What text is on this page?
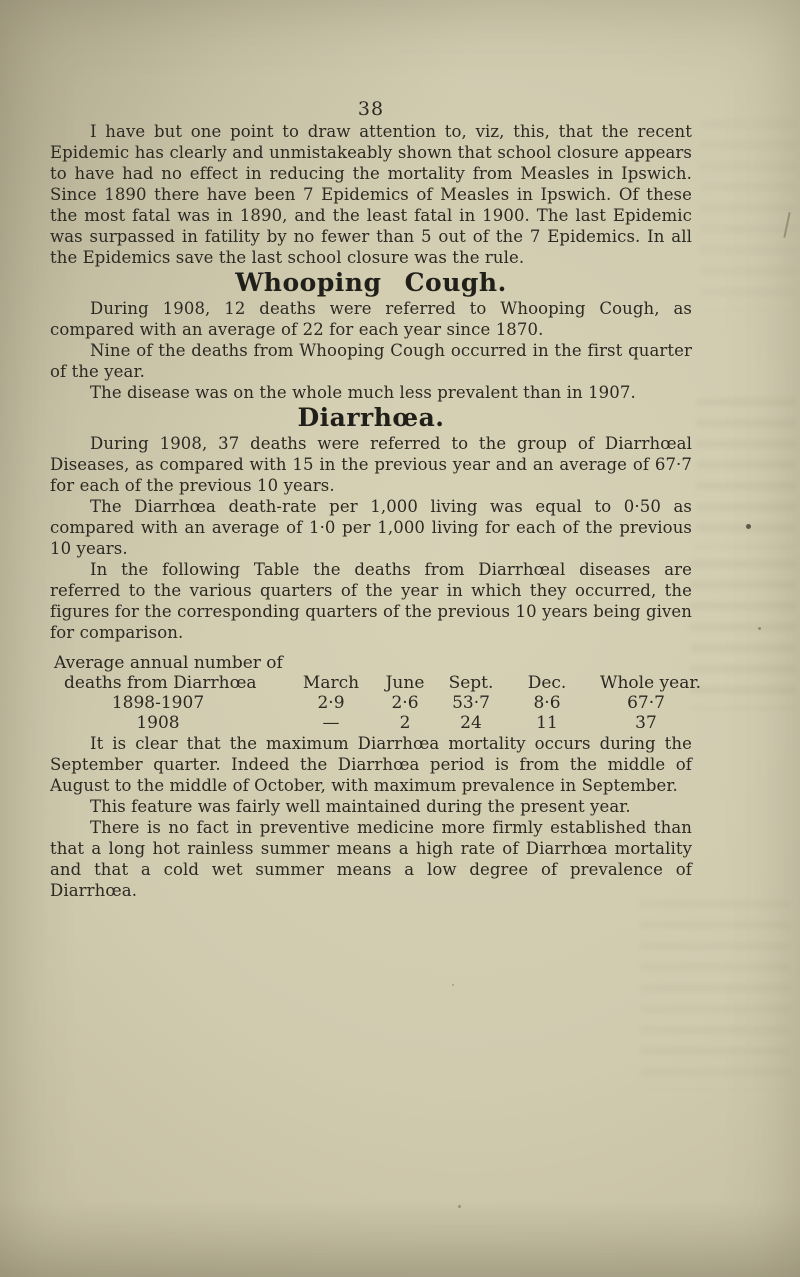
38

I have but one point to draw attention to, viz, this, that the recent Epidemic has clearly and unmistakeably shown that school closure appears to have had no effect in reducing the mortality from Measles in Ipswich. Since 1890 there have been 7 Epidemics of Measles in Ipswich. Of these the most fatal was in 1890, and the least fatal in 1900. The last Epidemic was surpassed in fatility by no fewer than 5 out of the 7 Epidemics. In all the Epidemics save the last school closure was the rule.

Whooping Cough.

During 1908, 12 deaths were referred to Whooping Cough, as compared with an average of 22 for each year since 1870.

Nine of the deaths from Whooping Cough occurred in the first quarter of the year.

The disease was on the whole much less prevalent than in 1907.

Diarrhœa.

During 1908, 37 deaths were referred to the group of Diarrhœal Diseases, as compared with 15 in the previous year and an average of 67·7 for each of the previous 10 years.

The Diarrhœa death-rate per 1,000 living was equal to 0·50 as compared with an average of 1·0 per 1,000 living for each of the previous 10 years.

In the following Table the deaths from Diarrhœal diseases are referred to the various quarters of the year in which they occurred, the figures for the corresponding quarters of the previous 10 years being given for comparison.

Average annual number of
deaths from Diarrhœa	March	June	Sept.	Dec.	Whole year.
1898-1907	2·9	2·6	53·7	8·6	67·7
1908	—	2	24	11	37

It is clear that the maximum Diarrhœa mortality occurs during the September quarter. Indeed the Diarrhœa period is from the middle of August to the middle of October, with maximum prevalence in September.

This feature was fairly well maintained during the present year.

There is no fact in preventive medicine more firmly established than that a long hot rainless summer means a high rate of Diarrhœa mortality and that a cold wet summer means a low degree of prevalence of Diarrhœa.
